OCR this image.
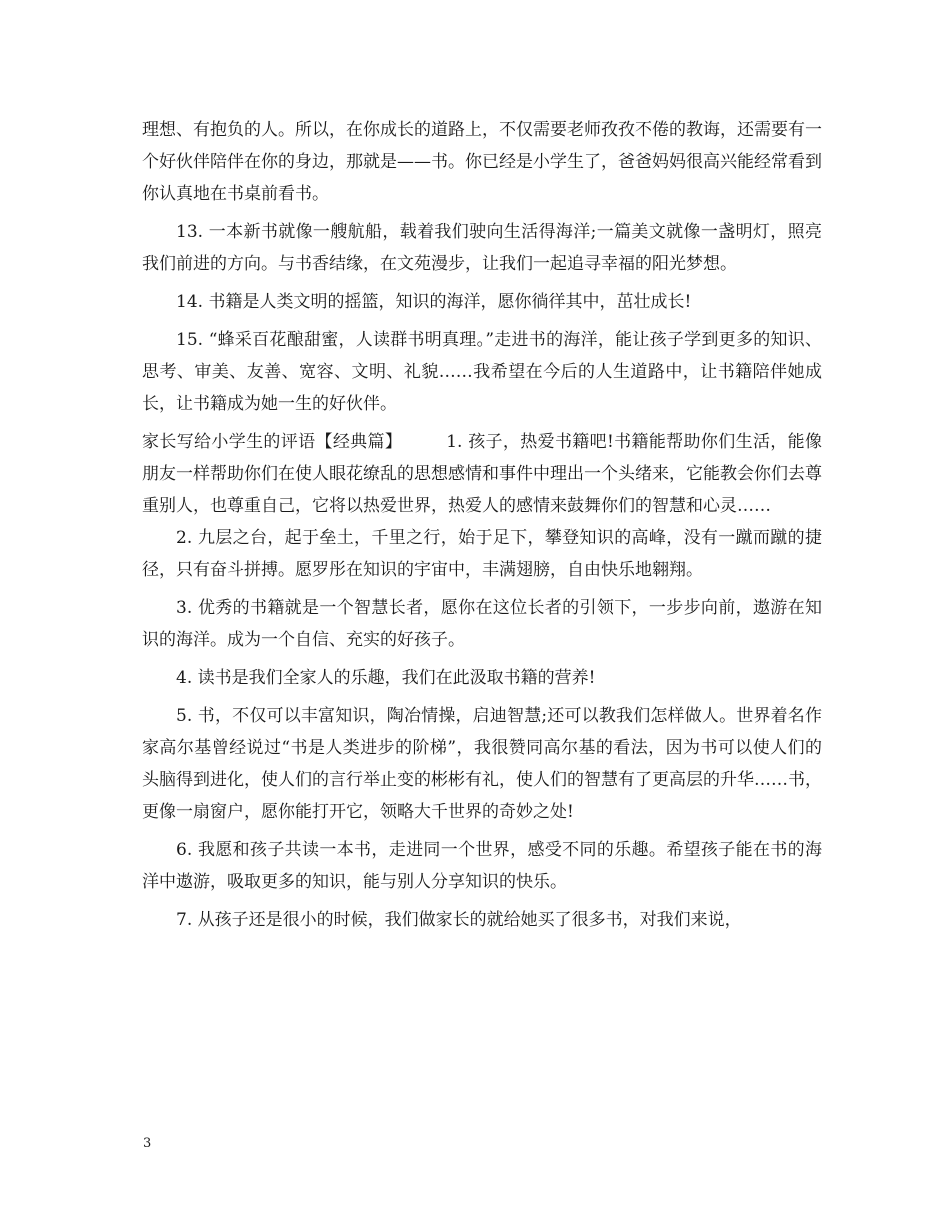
理想、有抱负的人。所以，在你成长的道路上，不仅需要老师孜孜不倦的教诲，还需要有一个好伙伴陪伴在你的身边，那就是——书。你已经是小学生了，爸爸妈妈很高兴能经常看到你认真地在书桌前看书。

13. 一本新书就像一艘航船，载着我们驶向生活得海洋;一篇美文就像一盏明灯，照亮我们前进的方向。与书香结缘，在文苑漫步，让我们一起追寻幸福的阳光梦想。

14. 书籍是人类文明的摇篮，知识的海洋，愿你徜徉其中，茁壮成长!

15. “蜂采百花酿甜蜜，人读群书明真理。”走进书的海洋，能让孩子学到更多的知识、思考、审美、友善、宽容、文明、礼貌……我希望在今后的人生道路中，让书籍陪伴她成长，让书籍成为她一生的好伙伴。

家长写给小学生的评语【经典篇】	1. 孩子，热爱书籍吧!书籍能帮助你们生活，能像朋友一样帮助你们在使人眼花缭乱的思想感情和事件中理出一个头绪来，它能教会你们去尊重别人，也尊重自己，它将以热爱世界，热爱人的感情来鼓舞你们的智慧和心灵……

2. 九层之台，起于垒土，千里之行，始于足下，攀登知识的高峰，没有一蹴而蹴的捷径，只有奋斗拼搏。愿罗彤在知识的宇宙中，丰满翅膀，自由快乐地翱翔。

3. 优秀的书籍就是一个智慧长者，愿你在这位长者的引领下，一步步向前，遨游在知识的海洋。成为一个自信、充实的好孩子。

4. 读书是我们全家人的乐趣，我们在此汲取书籍的营养!

5. 书，不仅可以丰富知识，陶冶情操，启迪智慧;还可以教我们怎样做人。世界着名作家高尔基曾经说过“书是人类进步的阶梯”，我很赞同高尔基的看法，因为书可以使人们的头脑得到进化，使人们的言行举止变的彬彬有礼，使人们的智慧有了更高层的升华……书，更像一扇窗户，愿你能打开它，领略大千世界的奇妙之处!

6. 我愿和孩子共读一本书，走进同一个世界，感受不同的乐趣。希望孩子能在书的海洋中遨游，吸取更多的知识，能与别人分享知识的快乐。

7. 从孩子还是很小的时候，我们做家长的就给她买了很多书，对我们来说，

3
